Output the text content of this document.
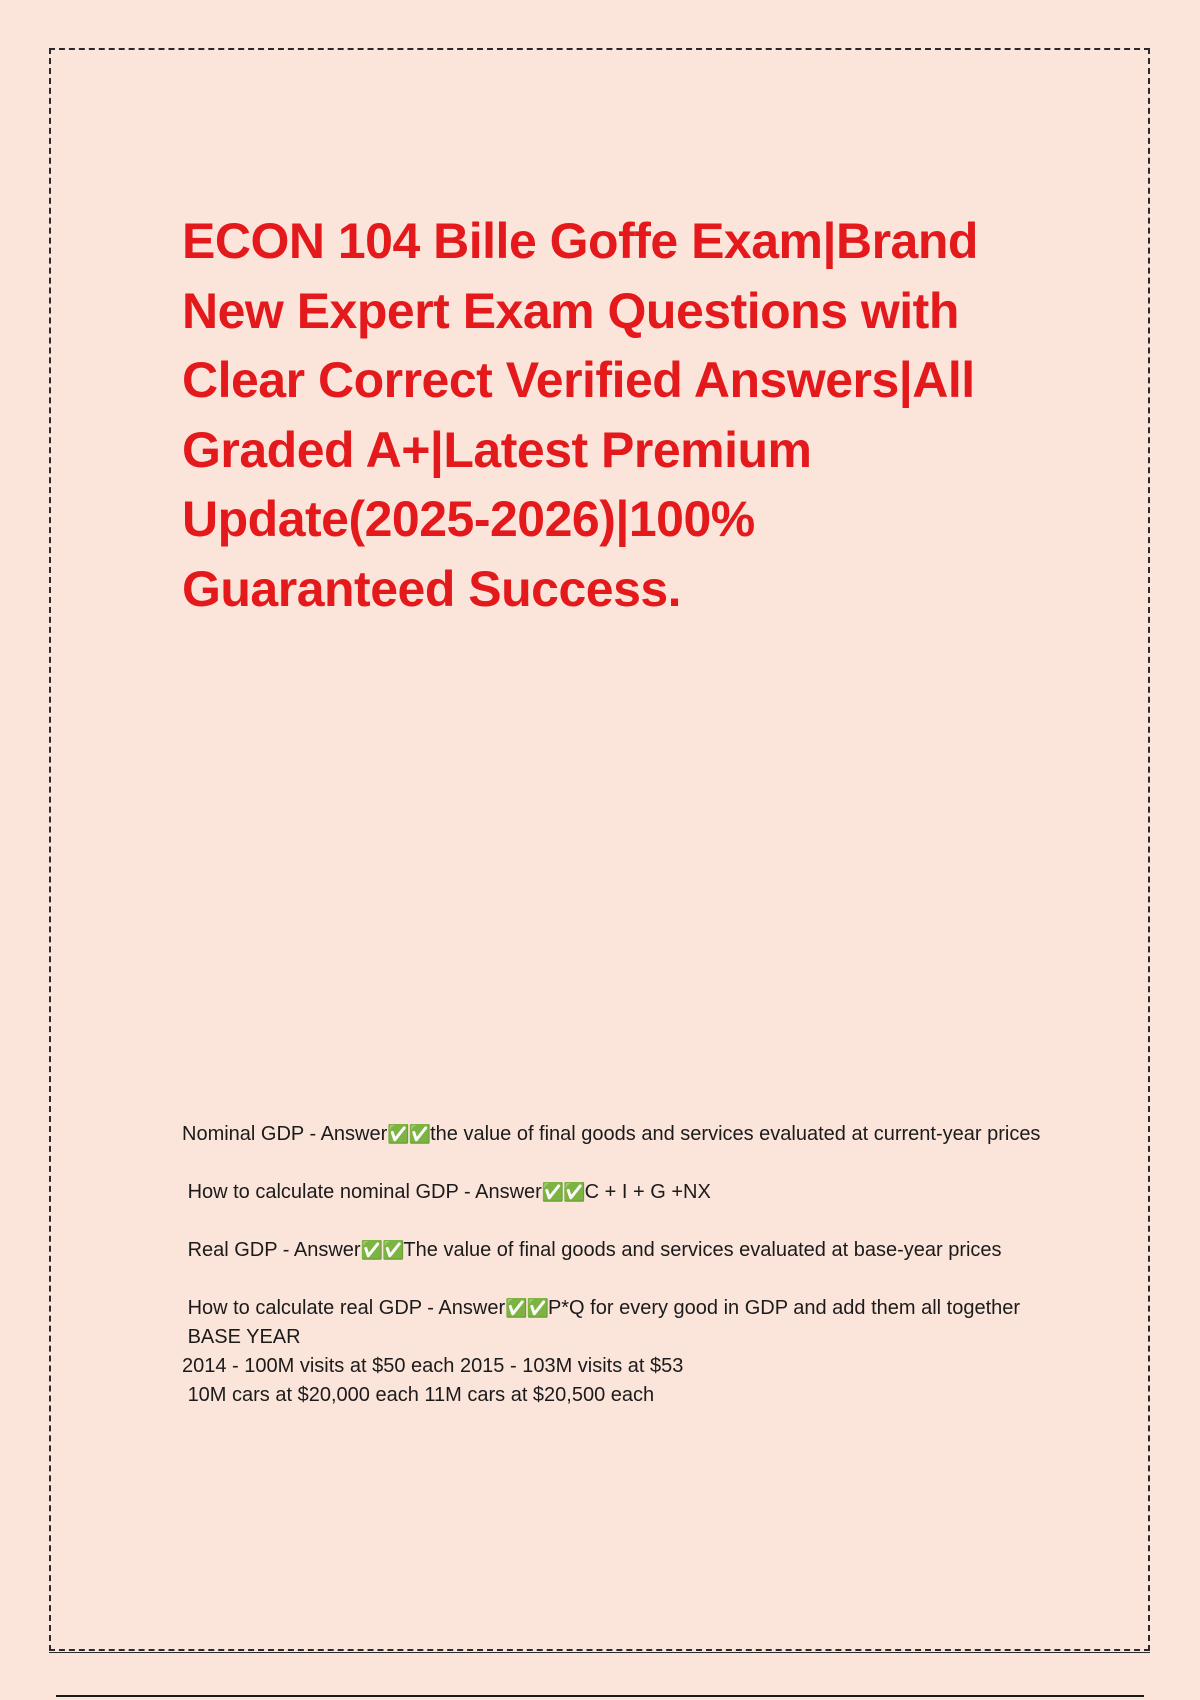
ECON 104 Bille Goffe Exam|Brand New Expert Exam Questions with Clear Correct Verified Answers|All Graded A+|Latest Premium Update(2025-2026)|100% Guaranteed Success.
Nominal GDP - Answer✅✅the value of final goods and services evaluated at current-year prices
How to calculate nominal GDP - Answer✅✅C + I + G +NX
Real GDP - Answer✅✅The value of final goods and services evaluated at base-year prices
How to calculate real GDP - Answer✅✅P*Q for every good in GDP and add them all together
BASE YEAR
2014 - 100M visits at $50 each 2015 - 103M visits at $53
10M cars at $20,000 each 11M cars at $20,500 each
